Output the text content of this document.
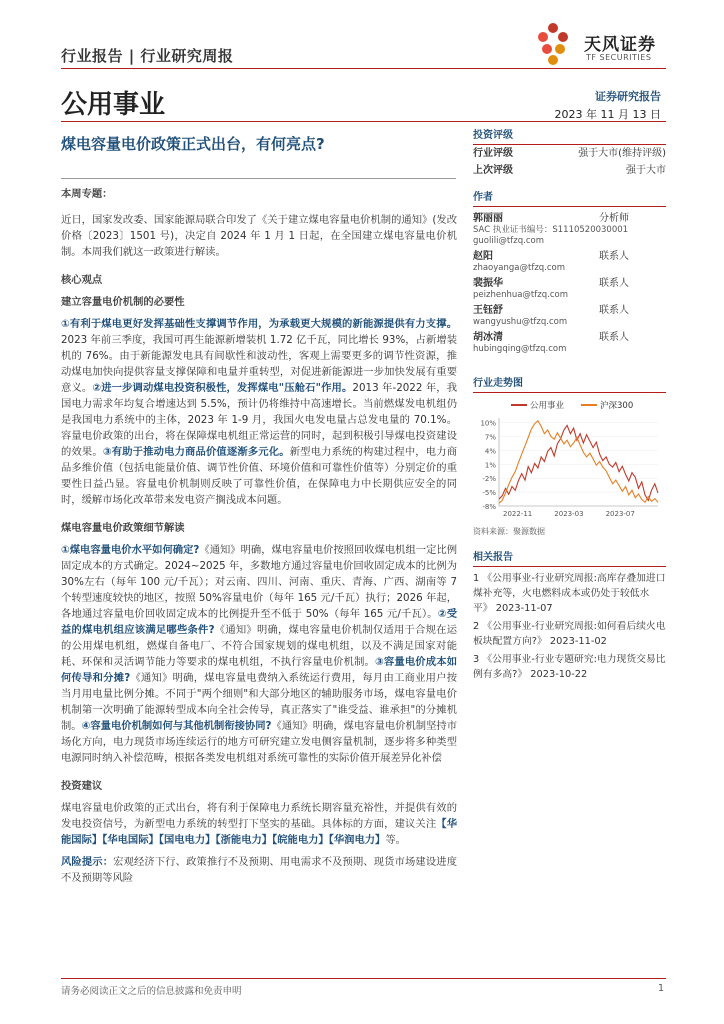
行业报告 | 行业研究周报
天风证券
TF SECURITIES
公用事业	证券研究报告
2023 年 11 月 13 日
煤电容量电价政策正式出台，有何亮点?

本周专题：

近日，国家发改委、国家能源局联合印发了《关于建立煤电容量电价机制的通知》(发改价格〔2023〕1501 号)，决定自 2024 年 1 月 1 日起，在全国建立煤电容量电价机制。本周我们就这一政策进行解读。

核心观点

建立容量电价机制的必要性

①有利于煤电更好发挥基础性支撑调节作用，为承载更大规模的新能源提供有力支撑。2023 年前三季度，我国可再生能源新增装机 1.72 亿千瓦，同比增长 93%，占新增装机的 76%。由于新能源发电具有间歇性和波动性，客观上需要更多的调节性资源，推动煤电加快向提供容量支撑保障和电量并重转型，对促进新能源进一步加快发展有重要意义。②进一步调动煤电投资积极性，发挥煤电"压舱石"作用。2013 年-2022 年，我国电力需求年均复合增速达到 5.5%，预计仍将维持中高速增长。当前燃煤发电机组仍是我国电力系统中的主体，2023 年 1-9 月，我国火电发电量占总发电量的 70.1%。容量电价政策的出台，将在保障煤电机组正常运营的同时，起到积极引导煤电投资建设的效果。③有助于推动电力商品价值逐渐多元化。新型电力系统的构建过程中，电力商品多维价值（包括电能量价值、调节性价值、环境价值和可靠性价值等）分别定价的重要性日益凸显。容量电价机制则反映了可靠性价值，在保障电力中长期供应安全的同时，缓解市场化改革带来发电资产搁浅成本问题。

煤电容量电价政策细节解读

①煤电容量电价水平如何确定?《通知》明确，煤电容量电价按照回收煤电机组一定比例固定成本的方式确定。2024~2025 年，多数地方通过容量电价回收固定成本的比例为 30%左右（每年 100 元/千瓦）；对云南、四川、河南、重庆、青海、广西、湖南等 7 个转型速度较快的地区，按照 50%容量电价（每年 165 元/千瓦）执行；2026 年起，各地通过容量电价回收固定成本的比例提升至不低于 50%（每年 165 元/千瓦）。②受益的煤电机组应该满足哪些条件?《通知》明确，煤电容量电价机制仅适用于合规在运的公用煤电机组，燃煤自备电厂、不符合国家规划的煤电机组，以及不满足国家对能耗、环保和灵活调节能力等要求的煤电机组，不执行容量电价机制。③容量电价成本如何传导和分摊?《通知》明确，煤电容量电费纳入系统运行费用，每月由工商业用户按当月用电量比例分摊。不同于"两个细则"和大部分地区的辅助服务市场，煤电容量电价机制第一次明确了能源转型成本向全社会传导，真正落实了"谁受益、谁承担"的分摊机制。④容量电价机制如何与其他机制衔接协同?《通知》明确，煤电容量电价机制坚持市场化方向，电力现货市场连续运行的地方可研究建立发电侧容量机制，逐步将多种类型电源同时纳入补偿范畴，根据各类发电机组对系统可靠性的实际价值开展差异化补偿

投资建议

煤电容量电价政策的正式出台，将有利于保障电力系统长期容量充裕性，并提供有效的发电投资信号，为新型电力系统的转型打下坚实的基础。具体标的方面，建议关注【华能国际】【华电国际】【国电电力】【浙能电力】【皖能电力】【华润电力】等。

风险提示：宏观经济下行、政策推行不及预期、用电需求不及预期、现货市场建设进度不及预期等风险

投资评级
行业评级	强于大市(维持评级)
上次评级	强于大市
作者
郭丽丽	分析师
SAC 执业证书编号：S1110520030001
guolili@tfzq.com
赵阳	联系人
zhaoyanga@tfzq.com
裴振华	联系人
peizhenhua@tfzq.com
王钰舒	联系人
wangyushu@tfzq.com
胡冰清	联系人
hubingqing@tfzq.com
行业走势图
公用事业	沪深300
10%
7%
4%
1%
-2%
-5%
-8%
2022-11	2023-03	2023-07
资料来源：聚源数据
相关报告
1 《公用事业-行业研究周报:高库存叠加进口煤补充等，火电燃料成本或仍处于较低水平》 2023-11-07
2 《公用事业-行业研究周报:如何看后续火电板块配置方向?》 2023-11-02
3 《公用事业-行业专题研究:电力现货交易比例有多高?》 2023-10-22
请务必阅读正文之后的信息披露和免责申明	1
